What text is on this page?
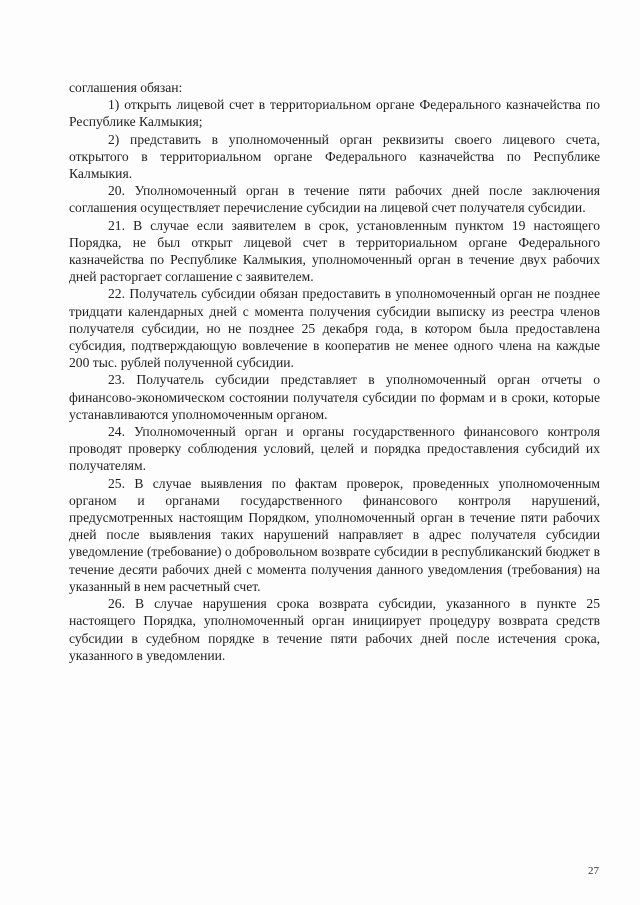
соглашения обязан:

1) открыть лицевой счет в территориальном органе Федерального казначейства по Республике Калмыкия;

2) представить в уполномоченный орган реквизиты своего лицевого счета, открытого в территориальном органе Федерального казначейства по Республике Калмыкия.

20. Уполномоченный орган в течение пяти рабочих дней после заключения соглашения осуществляет перечисление субсидии на лицевой счет получателя субсидии.

21. В случае если заявителем в срок, установленным пунктом 19 настоящего Порядка, не был открыт лицевой счет в территориальном органе Федерального казначейства по Республике Калмыкия, уполномоченный орган в течение двух рабочих дней расторгает соглашение с заявителем.

22. Получатель субсидии обязан предоставить в уполномоченный орган не позднее тридцати календарных дней с момента получения субсидии выписку из реестра членов получателя субсидии, но не позднее 25 декабря года, в котором была предоставлена субсидия, подтверждающую вовлечение в кооператив не менее одного члена на каждые 200 тыс. рублей полученной субсидии.

23. Получатель субсидии представляет в уполномоченный орган отчеты о финансово-экономическом состоянии получателя субсидии по формам и в сроки, которые устанавливаются уполномоченным органом.

24. Уполномоченный орган и органы государственного финансового контроля проводят проверку соблюдения условий, целей и порядка предоставления субсидий их получателям.

25. В случае выявления по фактам проверок, проведенных уполномоченным органом и органами государственного финансового контроля нарушений, предусмотренных настоящим Порядком, уполномоченный орган в течение пяти рабочих дней после выявления таких нарушений направляет в адрес получателя субсидии уведомление (требование) о добровольном возврате субсидии в республиканский бюджет в течение десяти рабочих дней с момента получения данного уведомления (требования) на указанный в нем расчетный счет.

26. В случае нарушения срока возврата субсидии, указанного в пункте 25 настоящего Порядка, уполномоченный орган инициирует процедуру возврата средств субсидии в судебном порядке в течение пяти рабочих дней после истечения срока, указанного в уведомлении.

27
